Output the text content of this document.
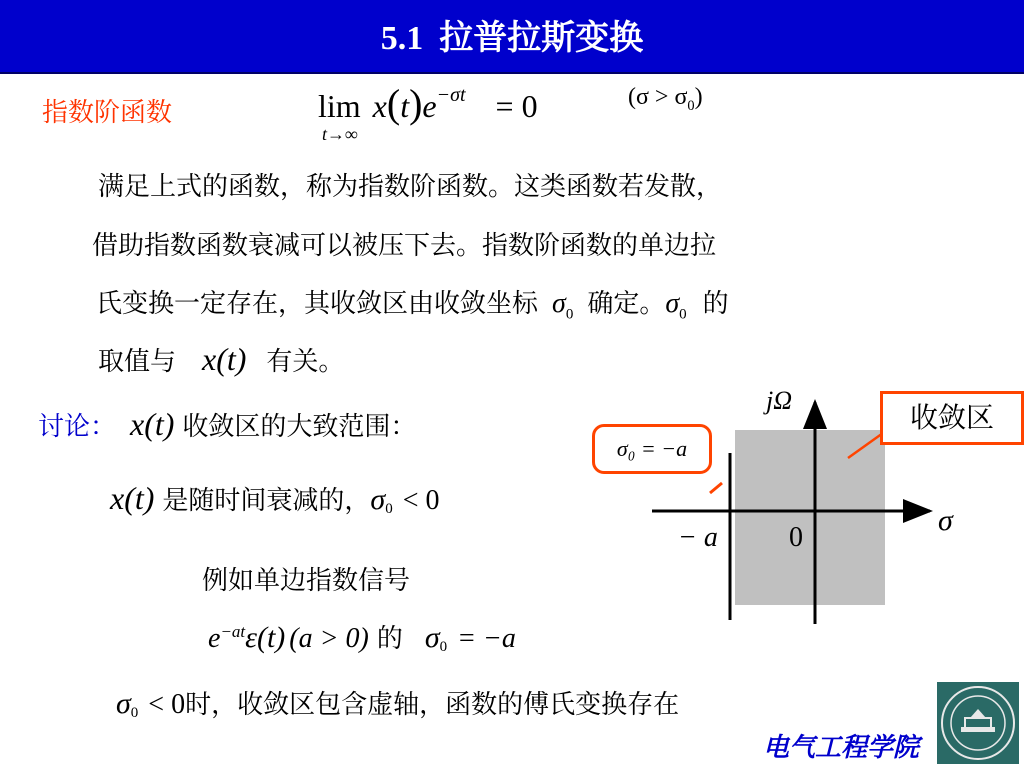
5.1 拉普拉斯变换
指数阶函数	$\lim x(t)e^{-\sigma t} = 0$
t→∞
$(\sigma > \sigma_0)$
满足上式的函数，称为指数阶函数。这类函数若发散，
借助指数函数衰减可以被压下去。指数阶函数的单边拉
氏变换一定存在，其收敛区由收敛坐标 $\sigma_0$ 确定。$\sigma_0$ 的
取值与 x(t) 有关。
讨论： x(t) 收敛区的大致范围：
x(t) 是随时间衰减的，$\sigma_0 < 0$
例如单边指数信号
$e^{-at}\varepsilon(t) (a > 0)$ 的 $\sigma_0 = -a$
$\sigma_0 < 0$时，收敛区包含虚轴，函数的傅氏变换存在
jΩ
σ
0
− a
σ₀ = −a
收敛区
电气工程学院
